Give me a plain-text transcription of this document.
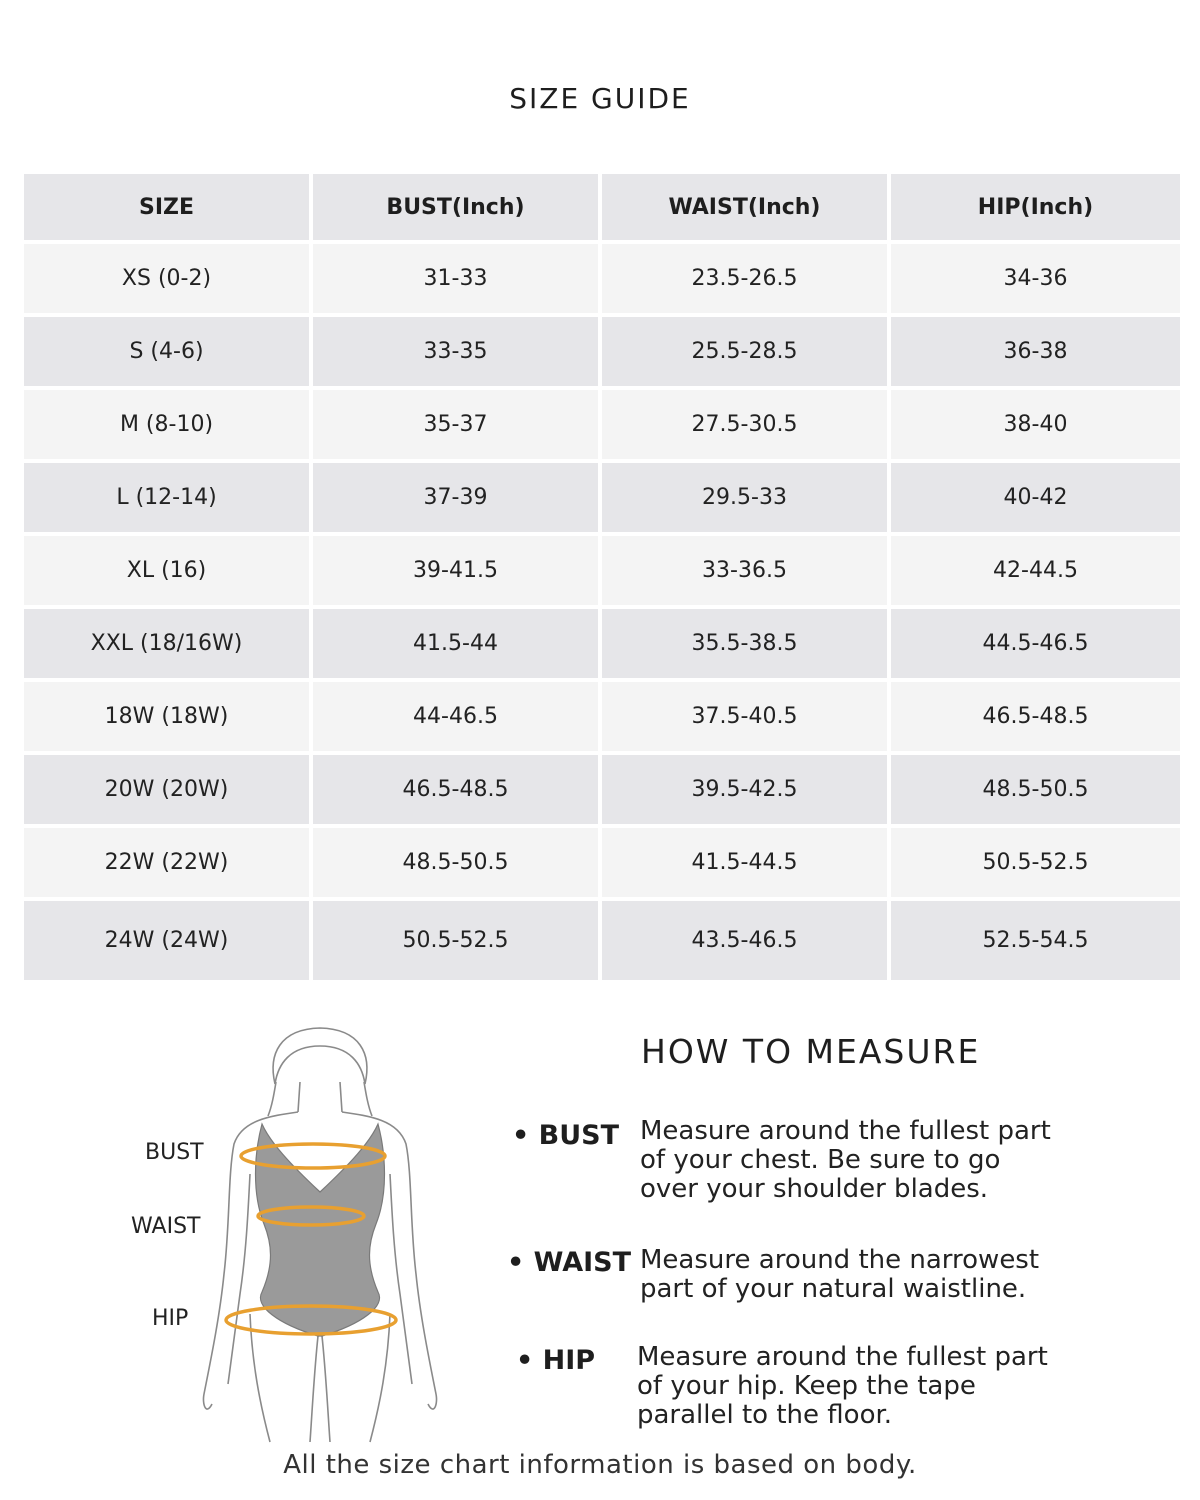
SIZE GUIDE
SIZE	BUST(Inch)	WAIST(Inch)	HIP(Inch)
XS (0-2)	31-33	23.5-26.5	34-36
S (4-6)	33-35	25.5-28.5	36-38
M (8-10)	35-37	27.5-30.5	38-40
L (12-14)	37-39	29.5-33	40-42
XL (16)	39-41.5	33-36.5	42-44.5
XXL (18/16W)	41.5-44	35.5-38.5	44.5-46.5
18W (18W)	44-46.5	37.5-40.5	46.5-48.5
20W (20W)	46.5-48.5	39.5-42.5	48.5-50.5
22W (22W)	48.5-50.5	41.5-44.5	50.5-52.5
24W (24W)	50.5-52.5	43.5-46.5	52.5-54.5
BUST
WAIST
HIP
HOW TO MEASURE
• BUST Measure around the fullest part
of your chest. Be sure to go
over your shoulder blades.
• WAIST Measure around the narrowest
part of your natural waistline.
• HIP Measure around the fullest part
of your hip. Keep the tape
parallel to the floor.
All the size chart information is based on body.
